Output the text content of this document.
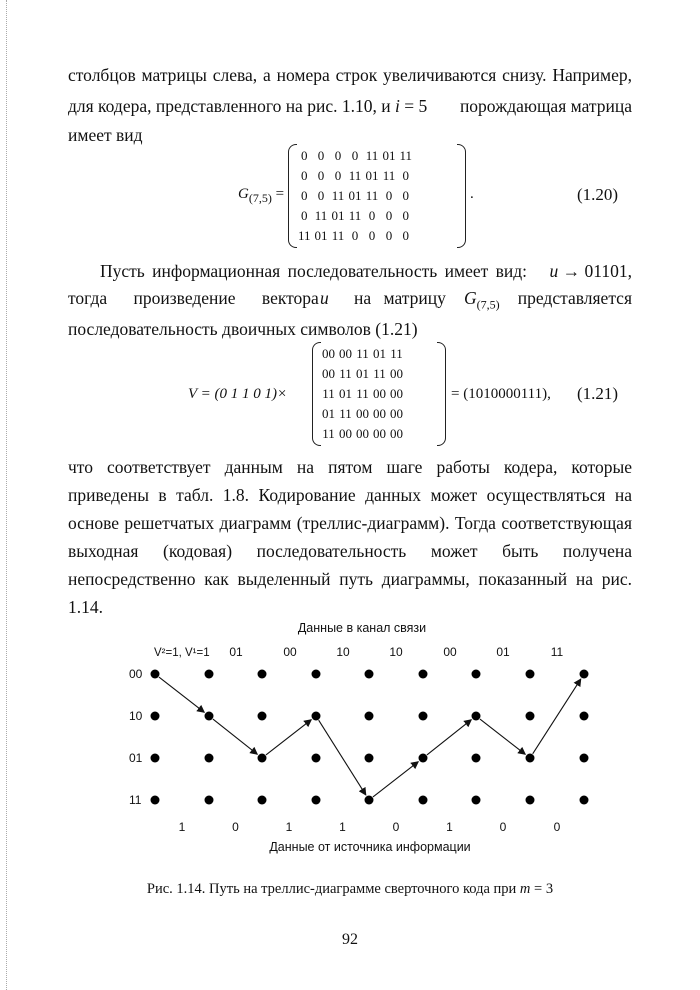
столбцов матрицы слева, а номера строк увеличиваются снизу. Например,
для кодера, представленного на рис. 1.10, и i = 5 порождающая матрица
имеет вид
$G_{(7,5)}$ =
0	0	0	0	11	01	11
0	0	0	11	01	11	0
0	0	11	01	11	0	0
0	11	01	11	0	0	0
11	01	11	0	0	0	0
.	(1.20)
Пусть информационная последовательность имеет вид: u → 01101,
тогда произведение вектора u на матрицу $G_{(7,5)}$ представляется
последовательность двоичных символов (1.21)
V = (0 1 1 0 1)×
00	00	11	01	11
00	11	01	11	00
11	01	11	00	00
01	11	00	00	00
11	00	00	00	00
= (1010000111), (1.21)
что соответствует данным на пятом шаге работы кодера, которые
приведены в табл. 1.8. Кодирование данных может осуществляться на
основе решетчатых диаграмм (треллис-диаграмм). Тогда соответствующая
выходная (кодовая) последовательность может быть получена
непосредственно как выделенный путь диаграммы, показанный на рис.
1.14.
Данные в канал связи
Данные от источника информации
00
10
01
11
V²=1, V¹=1 01	00	10	10	00	01	11
1	0	1	1	0	1	0	0
Рис. 1.14. Путь на треллис-диаграмме сверточного кода при m = 3
92
